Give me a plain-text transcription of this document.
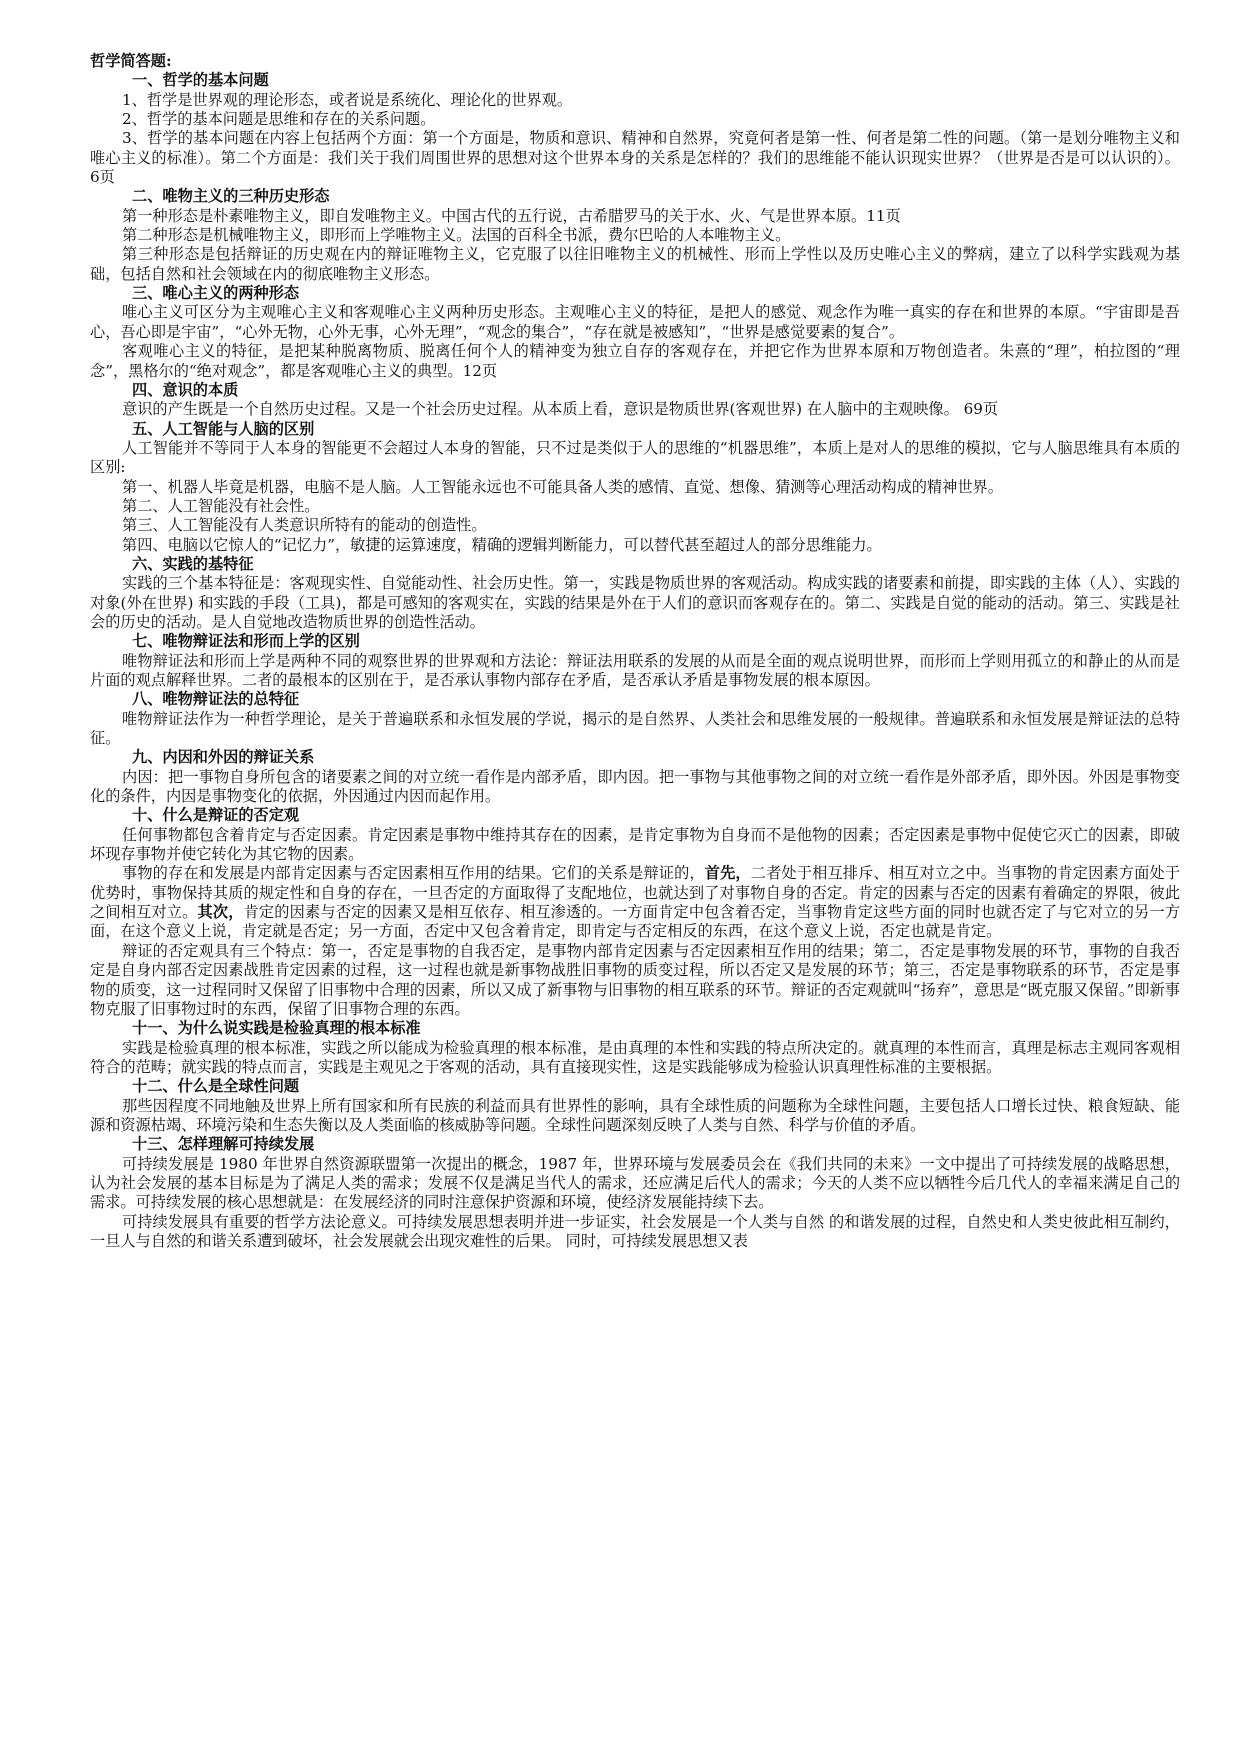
哲学简答题:

一、哲学的基本问题

1、哲学是世界观的理论形态，或者说是系统化、理论化的世界观。

2、哲学的基本问题是思维和存在的关系问题。

3、哲学的基本问题在内容上包括两个方面：第一个方面是，物质和意识、精神和自然界，究竟何者是第一性、何者是第二性的问题。（第一是划分唯物主义和唯心主义的标准）。第二个方面是：我们关于我们周围世界的思想对这个世界本身的关系是怎样的？我们的思维能不能认识现实世界？（世界是否是可以认识的）。 6页

二、唯物主义的三种历史形态

第一种形态是朴素唯物主义，即自发唯物主义。中国古代的五行说，古希腊罗马的关于水、火、气是世界本原。11页

第二种形态是机械唯物主义，即形而上学唯物主义。法国的百科全书派，费尔巴哈的人本唯物主义。

第三种形态是包括辩证的历史观在内的辩证唯物主义，它克服了以往旧唯物主义的机械性、形而上学性以及历史唯心主义的弊病，建立了以科学实践观为基础，包括自然和社会领域在内的彻底唯物主义形态。

三、唯心主义的两种形态

唯心主义可区分为主观唯心主义和客观唯心主义两种历史形态。主观唯心主义的特征，是把人的感觉、观念作为唯一真实的存在和世界的本原。“宇宙即是吾心，吾心即是宇宙”，“心外无物，心外无事，心外无理”，“观念的集合”，“存在就是被感知”，“世界是感觉要素的复合”。

客观唯心主义的特征，是把某种脱离物质、脱离任何个人的精神变为独立自存的客观存在，并把它作为世界本原和万物创造者。朱熹的“理”，柏拉图的“理念”，黑格尔的“绝对观念”，都是客观唯心主义的典型。12页

四、意识的本质

意识的产生既是一个自然历史过程。又是一个社会历史过程。从本质上看，意识是物质世界(客观世界) 在人脑中的主观映像。 69页

五、人工智能与人脑的区别

人工智能并不等同于人本身的智能更不会超过人本身的智能，只不过是类似于人的思维的“机器思维”，本质上是对人的思维的模拟，它与人脑思维具有本质的区别:

第一、机器人毕竟是机器，电脑不是人脑。人工智能永远也不可能具备人类的感情、直觉、想像、猜测等心理活动构成的精神世界。

第二、人工智能没有社会性。

第三、人工智能没有人类意识所特有的能动的创造性。

第四、电脑以它惊人的“记忆力”，敏捷的运算速度，精确的逻辑判断能力，可以替代甚至超过人的部分思维能力。

六、实践的基特征

实践的三个基本特征是：客观现实性、自觉能动性、社会历史性。第一，实践是物质世界的客观活动。构成实践的诸要素和前提，即实践的主体（人）、实践的对象(外在世界) 和实践的手段（工具)，都是可感知的客观实在，实践的结果是外在于人们的意识而客观存在的。第二、实践是自觉的能动的活动。第三、实践是社会的历史的活动。是人自觉地改造物质世界的创造性活动。

七、唯物辩证法和形而上学的区别

唯物辩证法和形而上学是两种不同的观察世界的世界观和方法论：辩证法用联系的发展的从而是全面的观点说明世界，而形而上学则用孤立的和静止的从而是片面的观点解释世界。二者的最根本的区别在于，是否承认事物内部存在矛盾，是否承认矛盾是事物发展的根本原因。

八、唯物辩证法的总特征

唯物辩证法作为一种哲学理论，是关于普遍联系和永恒发展的学说，揭示的是自然界、人类社会和思维发展的一般规律。普遍联系和永恒发展是辩证法的总特征。

九、内因和外因的辩证关系

内因：把一事物自身所包含的诸要素之间的对立统一看作是内部矛盾，即内因。把一事物与其他事物之间的对立统一看作是外部矛盾，即外因。外因是事物变化的条件，内因是事物变化的依据，外因通过内因而起作用。

十、什么是辩证的否定观

任何事物都包含着肯定与否定因素。肯定因素是事物中维持其存在的因素，是肯定事物为自身而不是他物的因素；否定因素是事物中促使它灭亡的因素，即破坏现存事物并使它转化为其它物的因素。

事物的存在和发展是内部肯定因素与否定因素相互作用的结果。它们的关系是辩证的，首先，二者处于相互排斥、相互对立之中。当事物的肯定因素方面处于优势时，事物保持其质的规定性和自身的存在，一旦否定的方面取得了支配地位，也就达到了对事物自身的否定。肯定的因素与否定的因素有着确定的界限，彼此之间相互对立。其次，肯定的因素与否定的因素又是相互依存、相互渗透的。一方面肯定中包含着否定，当事物肯定这些方面的同时也就否定了与它对立的另一方面，在这个意义上说，肯定就是否定；另一方面，否定中又包含着肯定，即肯定与否定相反的东西，在这个意义上说，否定也就是肯定。

辩证的否定观具有三个特点：第一，否定是事物的自我否定，是事物内部肯定因素与否定因素相互作用的结果；第二，否定是事物发展的环节，事物的自我否定是自身内部否定因素战胜肯定因素的过程，这一过程也就是新事物战胜旧事物的质变过程，所以否定又是发展的环节；第三，否定是事物联系的环节，否定是事物的质变，这一过程同时又保留了旧事物中合理的因素，所以又成了新事物与旧事物的相互联系的环节。辩证的否定观就叫“扬弃”，意思是“既克服又保留。”即新事物克服了旧事物过时的东西，保留了旧事物合理的东西。

十一、为什么说实践是检验真理的根本标准

实践是检验真理的根本标准，实践之所以能成为检验真理的根本标准，是由真理的本性和实践的特点所决定的。就真理的本性而言，真理是标志主观同客观相符合的范畴；就实践的特点而言，实践是主观见之于客观的活动，具有直接现实性，这是实践能够成为检验认识真理性标准的主要根据。

十二、什么是全球性问题

那些因程度不同地触及世界上所有国家和所有民族的利益而具有世界性的影响，具有全球性质的问题称为全球性问题，主要包括人口增长过快、粮食短缺、能源和资源枯竭、环境污染和生态失衡以及人类面临的核威胁等问题。全球性问题深刻反映了人类与自然、科学与价值的矛盾。

十三、怎样理解可持续发展

可持续发展是 1980 年世界自然资源联盟第一次提出的概念，1987 年，世界环境与发展委员会在《我们共同的未来》一文中提出了可持续发展的战略思想，认为社会发展的基本目标是为了满足人类的需求；发展不仅是满足当代人的需求，还应满足后代人的需求；今天的人类不应以牺牲今后几代人的幸福来满足自己的需求。可持续发展的核心思想就是：在发展经济的同时注意保护资源和环境，使经济发展能持续下去。

可持续发展具有重要的哲学方法论意义。可持续发展思想表明并进一步证实，社会发展是一个人类与自然 的和谐发展的过程，自然史和人类史彼此相互制约，一旦人与自然的和谐关系遭到破坏，社会发展就会出现灾难性的后果。 同时，可持续发展思想又表
